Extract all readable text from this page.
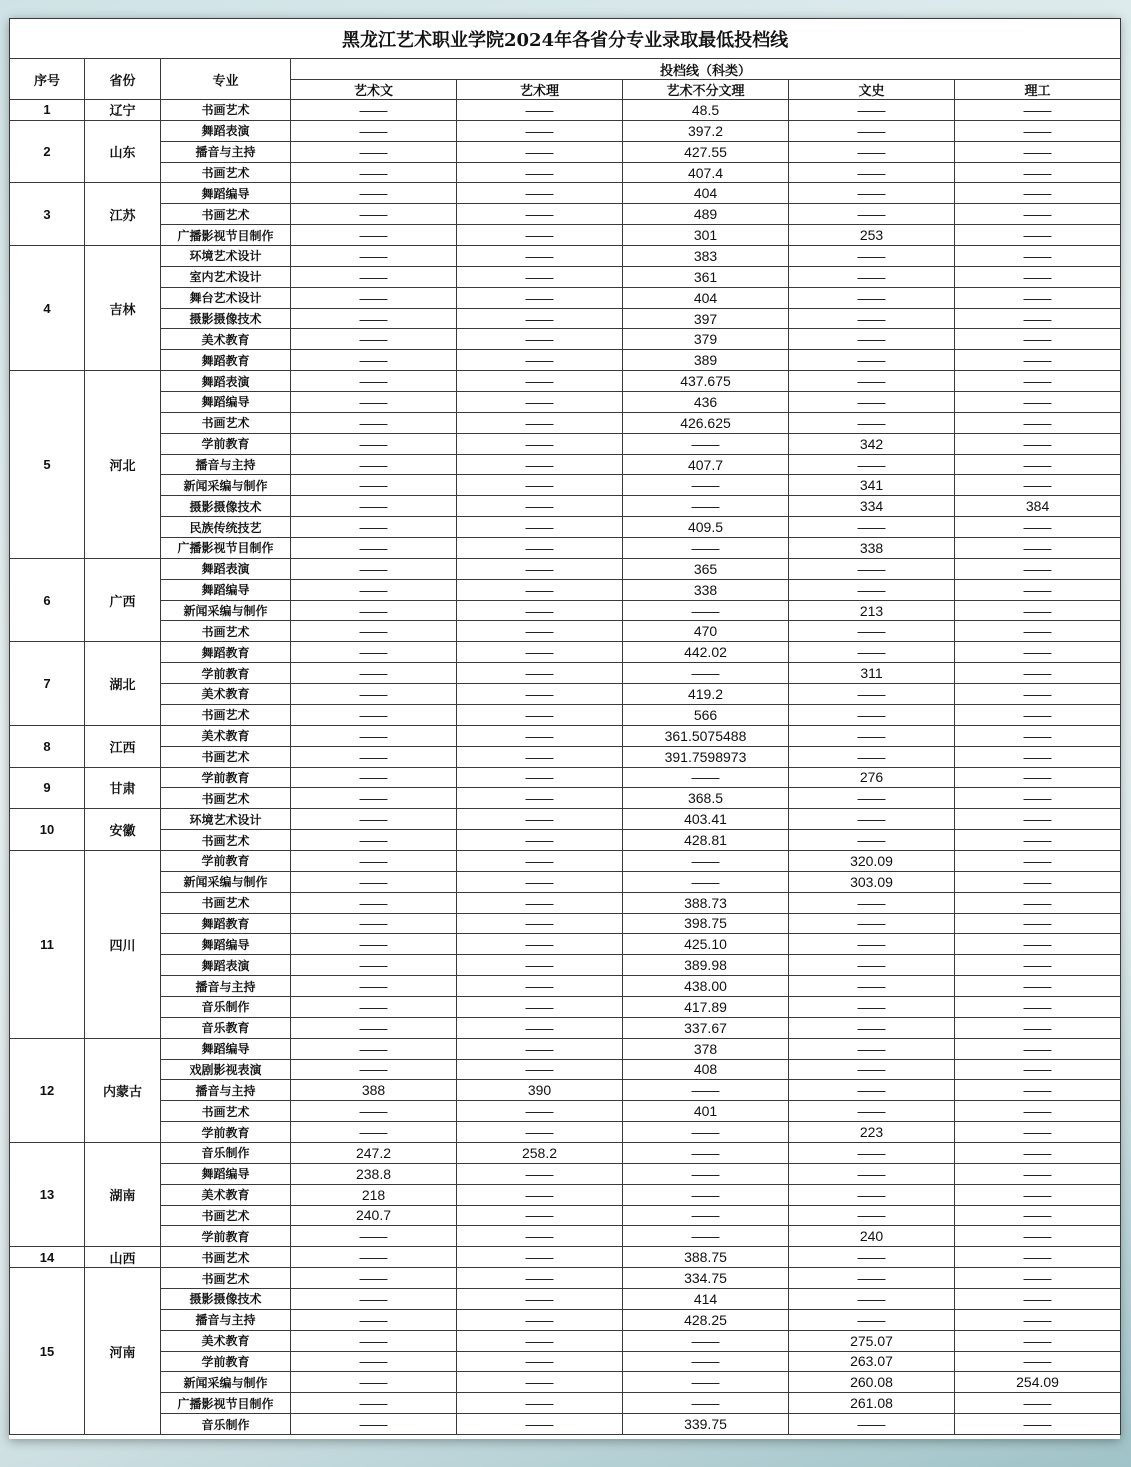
黑龙江艺术职业学院2024年各省分专业录取最低投档线							
序号	省份	专业	投档线（科类）				
			艺术文	艺术理	艺术不分文理	文史	理工
1	辽宁	书画艺术	——	——	48.5	——	——
2	山东	舞蹈表演	——	——	397.2	——	——
		播音与主持	——	——	427.55	——	——
		书画艺术	——	——	407.4	——	——
3	江苏	舞蹈编导	——	——	404	——	——
		书画艺术	——	——	489	——	——
		广播影视节目制作	——	——	301	253	——
4	吉林	环境艺术设计	——	——	383	——	——
		室内艺术设计	——	——	361	——	——
		舞台艺术设计	——	——	404	——	——
		摄影摄像技术	——	——	397	——	——
		美术教育	——	——	379	——	——
		舞蹈教育	——	——	389	——	——
5	河北	舞蹈表演	——	——	437.675	——	——
		舞蹈编导	——	——	436	——	——
		书画艺术	——	——	426.625	——	——
		学前教育	——	——	——	342	——
		播音与主持	——	——	407.7	——	——
		新闻采编与制作	——	——	——	341	——
		摄影摄像技术	——	——	——	334	384
		民族传统技艺	——	——	409.5	——	——
		广播影视节目制作	——	——	——	338	——
6	广西	舞蹈表演	——	——	365	——	——
		舞蹈编导	——	——	338	——	——
		新闻采编与制作	——	——	——	213	——
		书画艺术	——	——	470	——	——
7	湖北	舞蹈教育	——	——	442.02	——	——
		学前教育	——	——	——	311	——
		美术教育	——	——	419.2	——	——
		书画艺术	——	——	566	——	——
8	江西	美术教育	——	——	361.5075488	——	——
		书画艺术	——	——	391.7598973	——	——
9	甘肃	学前教育	——	——	——	276	——
		书画艺术	——	——	368.5	——	——
10	安徽	环境艺术设计	——	——	403.41	——	——
		书画艺术	——	——	428.81	——	——
11	四川	学前教育	——	——	——	320.09	——
		新闻采编与制作	——	——	——	303.09	——
		书画艺术	——	——	388.73	——	——
		舞蹈教育	——	——	398.75	——	——
		舞蹈编导	——	——	425.10	——	——
		舞蹈表演	——	——	389.98	——	——
		播音与主持	——	——	438.00	——	——
		音乐制作	——	——	417.89	——	——
		音乐教育	——	——	337.67	——	——
12	内蒙古	舞蹈编导	——	——	378	——	——
		戏剧影视表演	——	——	408	——	——
		播音与主持	388	390	——	——	——
		书画艺术	——	——	401	——	——
		学前教育	——	——	——	223	——
13	湖南	音乐制作	247.2	258.2	——	——	——
		舞蹈编导	238.8	——	——	——	——
		美术教育	218	——	——	——	——
		书画艺术	240.7	——	——	——	——
		学前教育	——	——	——	240	——
14	山西	书画艺术	——	——	388.75	——	——
15	河南	书画艺术	——	——	334.75	——	——
		摄影摄像技术	——	——	414	——	——
		播音与主持	——	——	428.25	——	——
		美术教育	——	——	——	275.07	——
		学前教育	——	——	——	263.07	——
		新闻采编与制作	——	——	——	260.08	254.09
		广播影视节目制作	——	——	——	261.08	——
		音乐制作	——	——	339.75	——	——
